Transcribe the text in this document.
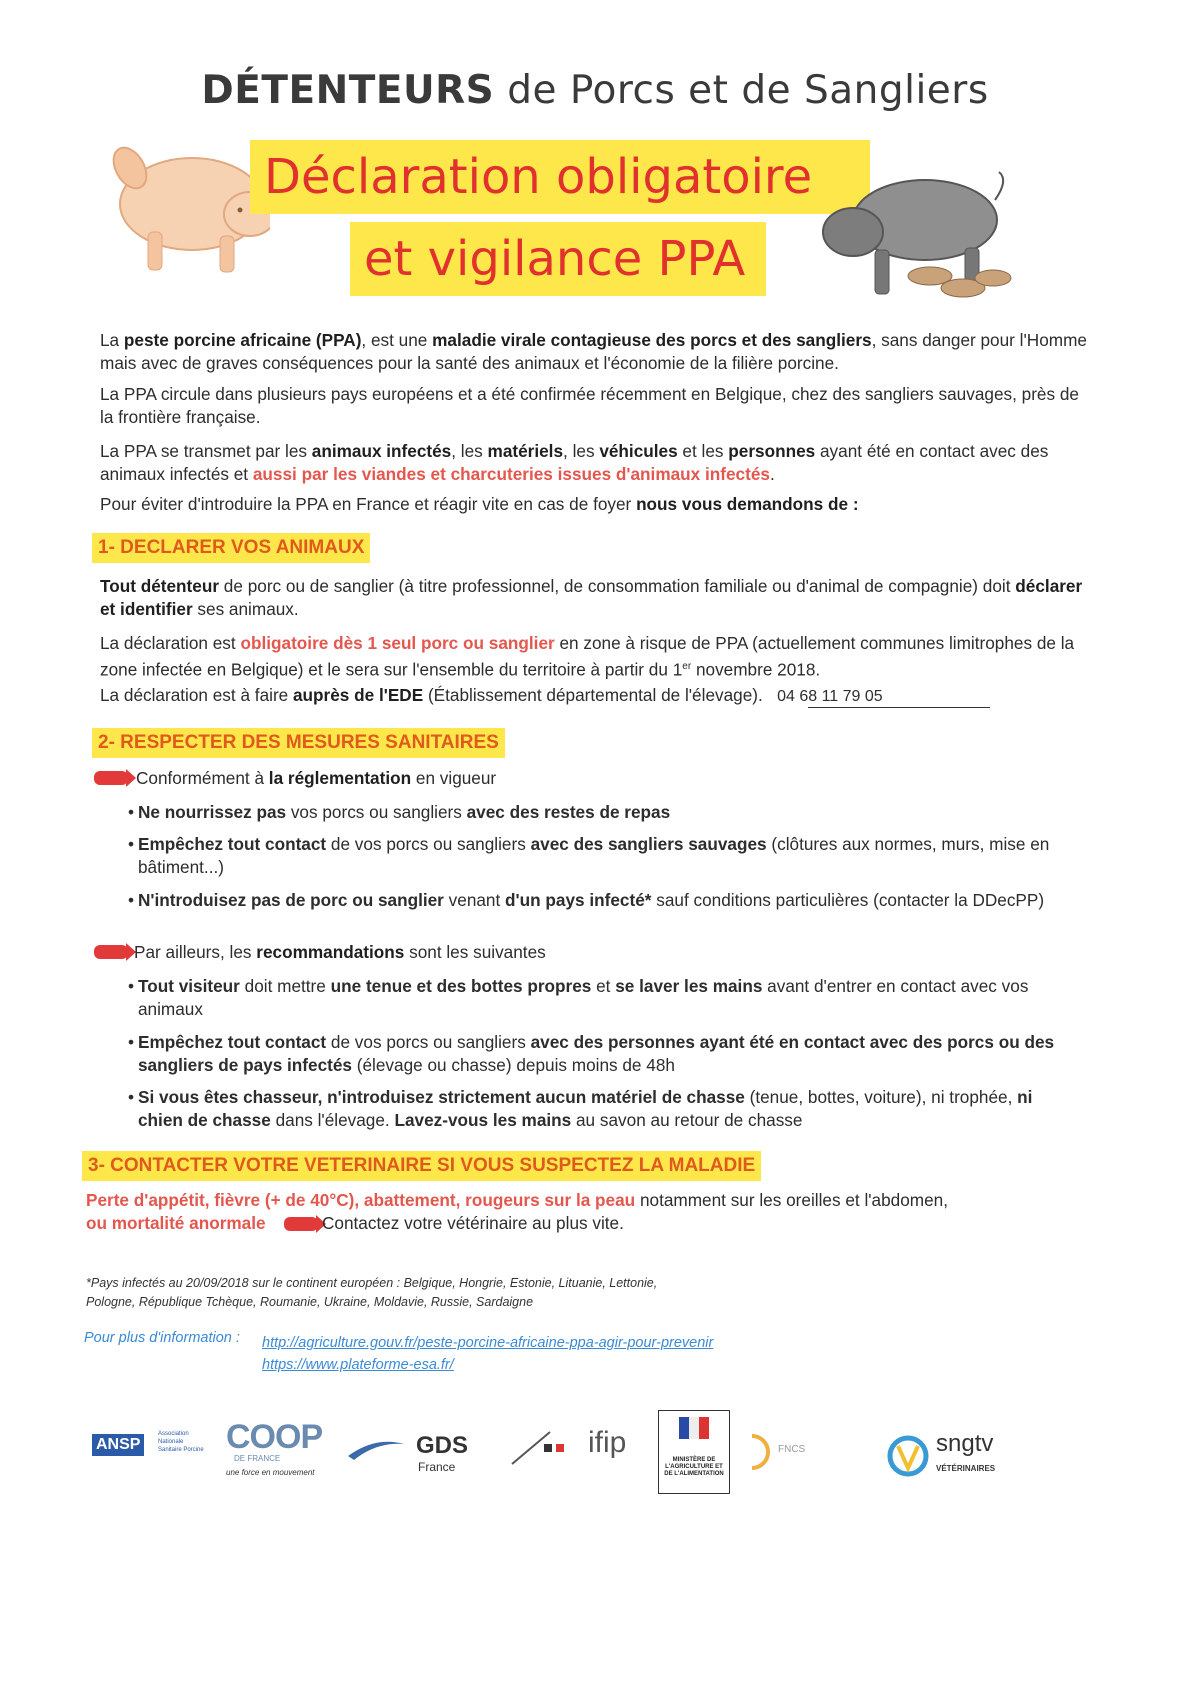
DÉTENTEURS de Porcs et de Sangliers
Déclaration obligatoire
et vigilance PPA
La peste porcine africaine (PPA), est une maladie virale contagieuse des porcs et des sangliers, sans danger pour l'Homme mais avec de graves conséquences pour la santé des animaux et l'économie de la filière porcine.
La PPA circule dans plusieurs pays européens et a été confirmée récemment en Belgique, chez des sangliers sauvages, près de la frontière française.
La PPA se transmet par les animaux infectés, les matériels, les véhicules et les personnes ayant été en contact avec des animaux infectés et aussi par les viandes et charcuteries issues d'animaux infectés.
Pour éviter d'introduire la PPA en France et réagir vite en cas de foyer nous vous demandons de :
1- DECLARER VOS ANIMAUX
Tout détenteur de porc ou de sanglier (à titre professionnel, de consommation familiale ou d'animal de compagnie) doit déclarer et identifier ses animaux.
La déclaration est obligatoire dès 1 seul porc ou sanglier en zone à risque de PPA (actuellement communes limitrophes de la zone infectée en Belgique) et le sera sur l'ensemble du territoire à partir du 1er novembre 2018.
La déclaration est à faire auprès de l'EDE (Établissement départemental de l'élevage). 04 68 11 79 05
2- RESPECTER DES MESURES SANITAIRES
Conformément à la réglementation en vigueur
• Ne nourrissez pas vos porcs ou sangliers avec des restes de repas
• Empêchez tout contact de vos porcs ou sangliers avec des sangliers sauvages (clôtures aux normes, murs, mise en bâtiment...)
• N'introduisez pas de porc ou sanglier venant d'un pays infecté* sauf conditions particulières (contacter la DDecPP)
Par ailleurs, les recommandations sont les suivantes
• Tout visiteur doit mettre une tenue et des bottes propres et se laver les mains avant d'entrer en contact avec vos animaux
• Empêchez tout contact de vos porcs ou sangliers avec des personnes ayant été en contact avec des porcs ou des sangliers de pays infectés (élevage ou chasse) depuis moins de 48h
• Si vous êtes chasseur, n'introduisez strictement aucun matériel de chasse (tenue, bottes, voiture), ni trophée, ni chien de chasse dans l'élevage. Lavez-vous les mains au savon au retour de chasse
3- CONTACTER VOTRE VETERINAIRE SI VOUS SUSPECTEZ LA MALADIE
Perte d'appétit, fièvre (+ de 40°C), abattement, rougeurs sur la peau notamment sur les oreilles et l'abdomen,
ou mortalité anormale	Contactez votre vétérinaire au plus vite.
*Pays infectés au 20/09/2018 sur le continent européen : Belgique, Hongrie, Estonie, Lituanie, Lettonie,
Pologne, République Tchèque, Roumanie, Ukraine, Moldavie, Russie, Sardaigne
Pour plus d'information : http://agriculture.gouv.fr/peste-porcine-africaine-ppa-agir-pour-prevenir
https://www.plateforme-esa.fr/
ANSP
Association Nationale Sanitaire Porcine COOP
DE FRANCE
une force en mouvement
GDS
France
ifip
MINISTÈRE DE L'AGRICULTURE ET DE L'ALIMENTATION
FNCS	sngtv
VÉTÉRINAIRES
